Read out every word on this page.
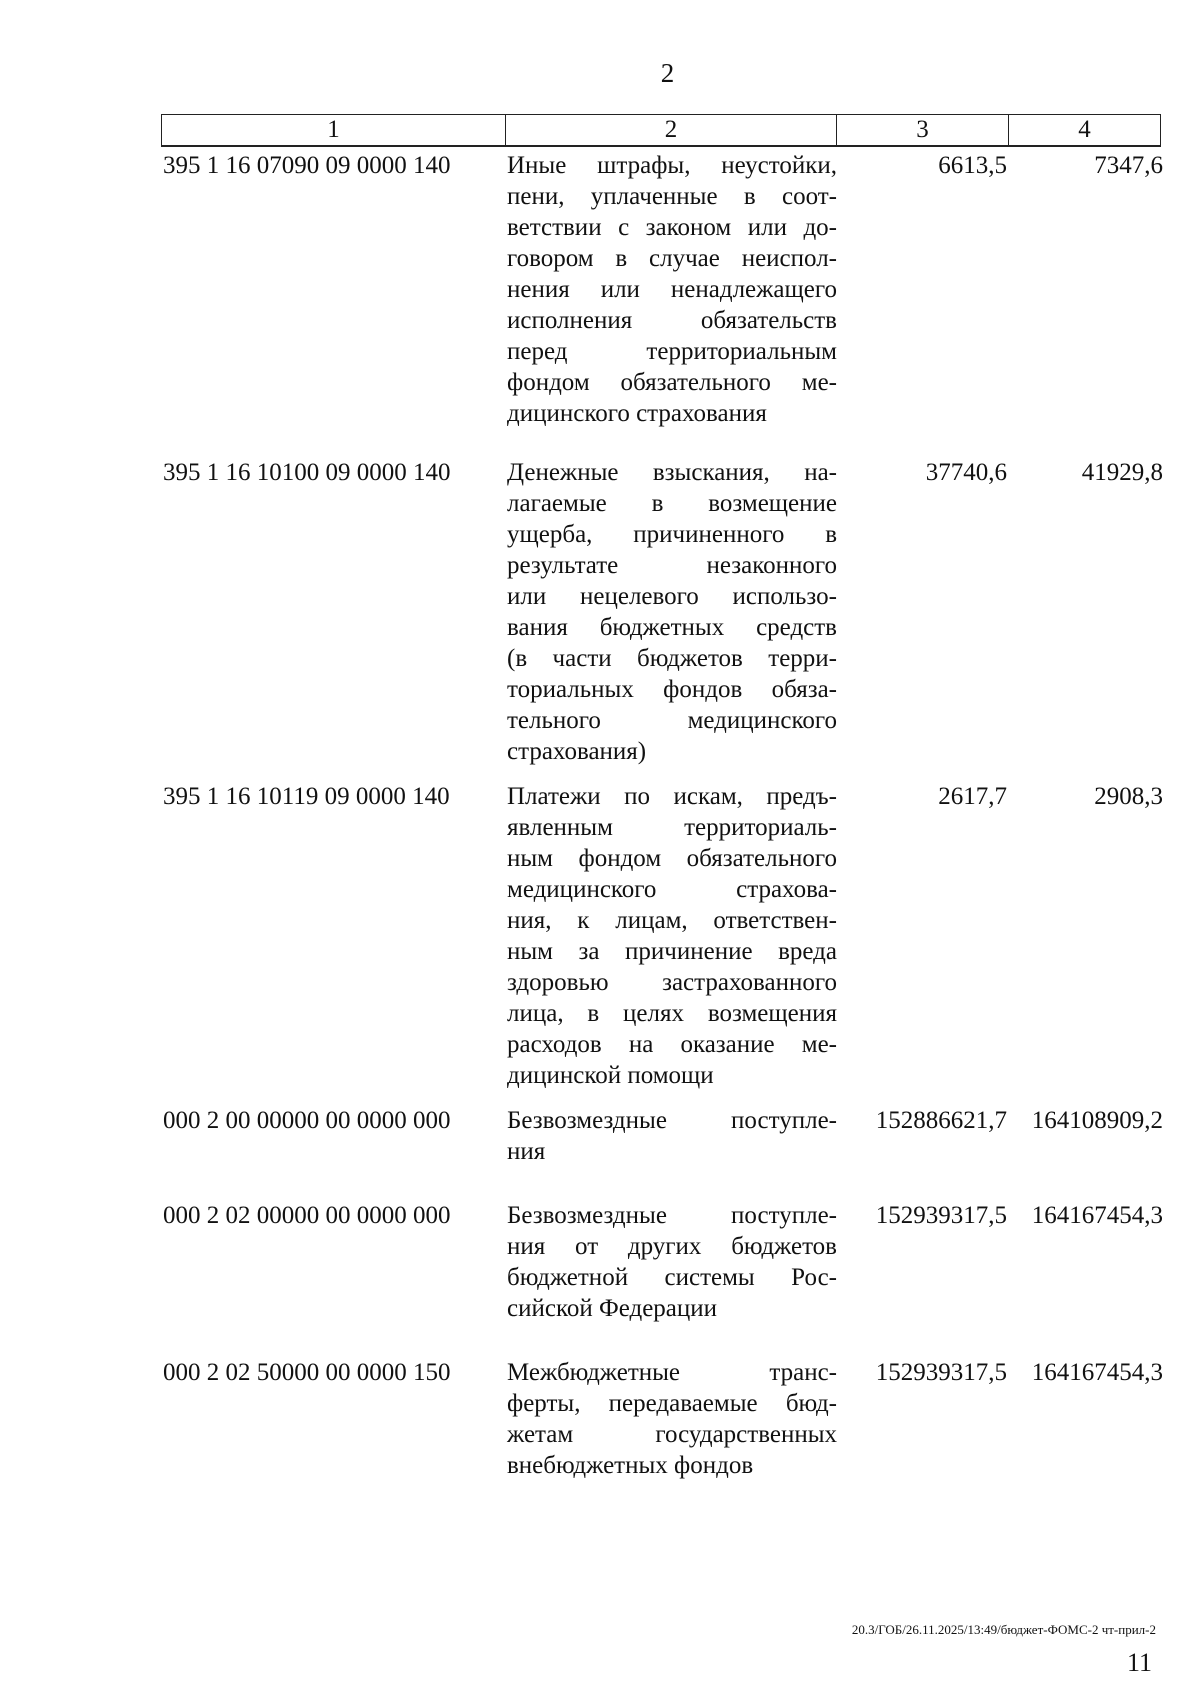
2
1	2	3	4
395 1 16 07090 09 0000 140 Иные штрафы, неустойки,
пени, уплаченные в соот-
ветствии с законом или до-
говором в случае неиспол-
нения или ненадлежащего
исполнения обязательств
перед территориальным
фондом обязательного ме-
дицинского страхования
6613,5	7347,6
395 1 16 10100 09 0000 140 Денежные взыскания, на-
лагаемые в возмещение
ущерба, причиненного в
результате незаконного
или нецелевого использо-
вания бюджетных средств
(в части бюджетов терри-
ториальных фондов обяза-
тельного медицинского
страхования)
37740,6	41929,8
395 1 16 10119 09 0000 140 Платежи по искам, предъ-
явленным территориаль-
ным фондом обязательного
медицинского страхова-
ния, к лицам, ответствен-
ным за причинение вреда
здоровью застрахованного
лица, в целях возмещения
расходов на оказание ме-
дицинской помощи
2617,7	2908,3
000 2 00 00000 00 0000 000 Безвозмездные поступле-
ния
152886621,7 164108909,2
000 2 02 00000 00 0000 000 Безвозмездные поступле-
ния от других бюджетов
бюджетной системы Рос-
сийской Федерации
152939317,5 164167454,3
000 2 02 50000 00 0000 150 Межбюджетные транс-
ферты, передаваемые бюд-
жетам государственных
внебюджетных фондов
152939317,5 164167454,3
20.3/ГОБ/26.11.2025/13:49/бюджет-ФОМС-2 чт-прил-2
11
